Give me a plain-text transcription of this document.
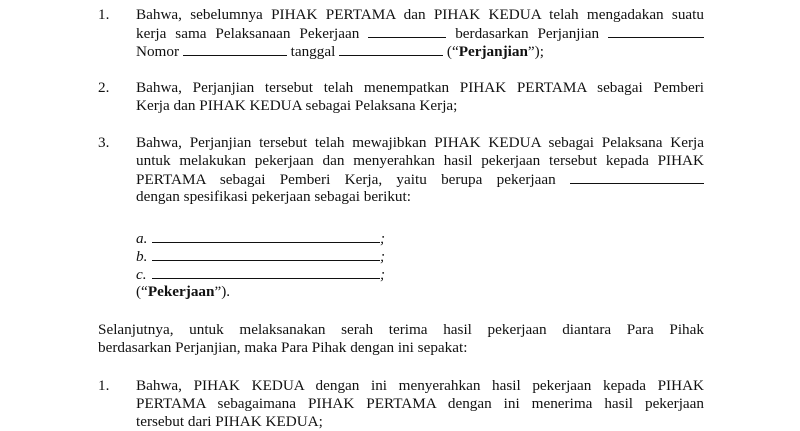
1. Bahwa, sebelumnya PIHAK PERTAMA dan PIHAK KEDUA telah mengadakan suatu
kerja sama Pelaksanaan Pekerjaan	berdasarkan Perjanjian
Nomor	tanggal	(“Perjanjian”);
2. Bahwa, Perjanjian tersebut telah menempatkan PIHAK PERTAMA sebagai Pemberi
Kerja dan PIHAK KEDUA sebagai Pelaksana Kerja;
3. Bahwa, Perjanjian tersebut telah mewajibkan PIHAK KEDUA sebagai Pelaksana Kerja
untuk melakukan pekerjaan dan menyerahkan hasil pekerjaan tersebut kepada PIHAK
PERTAMA sebagai Pemberi Kerja, yaitu berupa pekerjaan
dengan spesifikasi pekerjaan sebagai berikut:
a.	;
b.	;
c.	;
(“Pekerjaan”).
Selanjutnya, untuk melaksanakan serah terima hasil pekerjaan diantara Para Pihak
berdasarkan Perjanjian, maka Para Pihak dengan ini sepakat:
1. Bahwa, PIHAK KEDUA dengan ini menyerahkan hasil pekerjaan kepada PIHAK
PERTAMA sebagaimana PIHAK PERTAMA dengan ini menerima hasil pekerjaan
tersebut dari PIHAK KEDUA;
